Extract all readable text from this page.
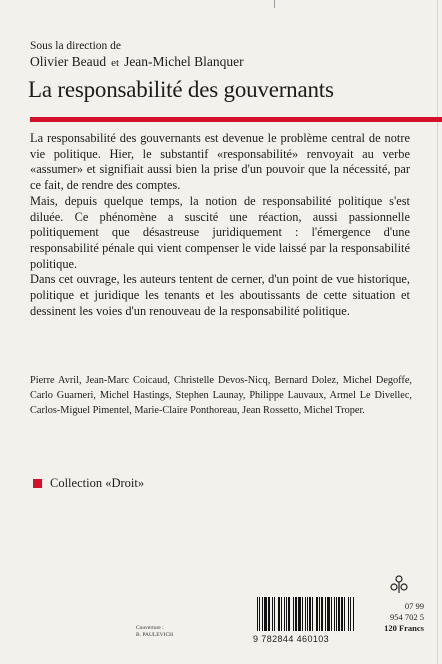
Sous la direction de
Olivier Beaud et Jean-Michel Blanquer
La responsabilité des gouvernants

La responsabilité des gouvernants est devenue le problème central de notre vie politique. Hier, le substantif «responsabilité» renvoyait au verbe «assumer» et signifiait aussi bien la prise d'un pouvoir que la nécessité, par ce fait, de rendre des comptes.

Mais, depuis quelque temps, la notion de responsabilité politique s'est diluée. Ce phénomène a suscité une réaction, aussi passionnelle politiquement que désastreuse juridiquement : l'émergence d'une responsabilité pénale qui vient compenser le vide laissé par la responsabilité politique.

Dans cet ouvrage, les auteurs tentent de cerner, d'un point de vue historique, politique et juridique les tenants et les aboutissants de cette situation et dessinent les voies d'un renouveau de la responsabilité politique.

Pierre Avril, Jean-Marc Coicaud, Christelle Devos-Nicq, Bernard Dolez, Michel Degoffe, Carlo Guarneri, Michel Hastings, Stephen Launay, Philippe Lauvaux, Armel Le Divellec, Carlos-Miguel Pimentel, Marie-Claire Ponthoreau, Jean Rossetto, Michel Troper.
Collection «Droit»
Couverture :
B. PAULEVICH	9 782844 460103
07 99
954 702 5
120 Francs
